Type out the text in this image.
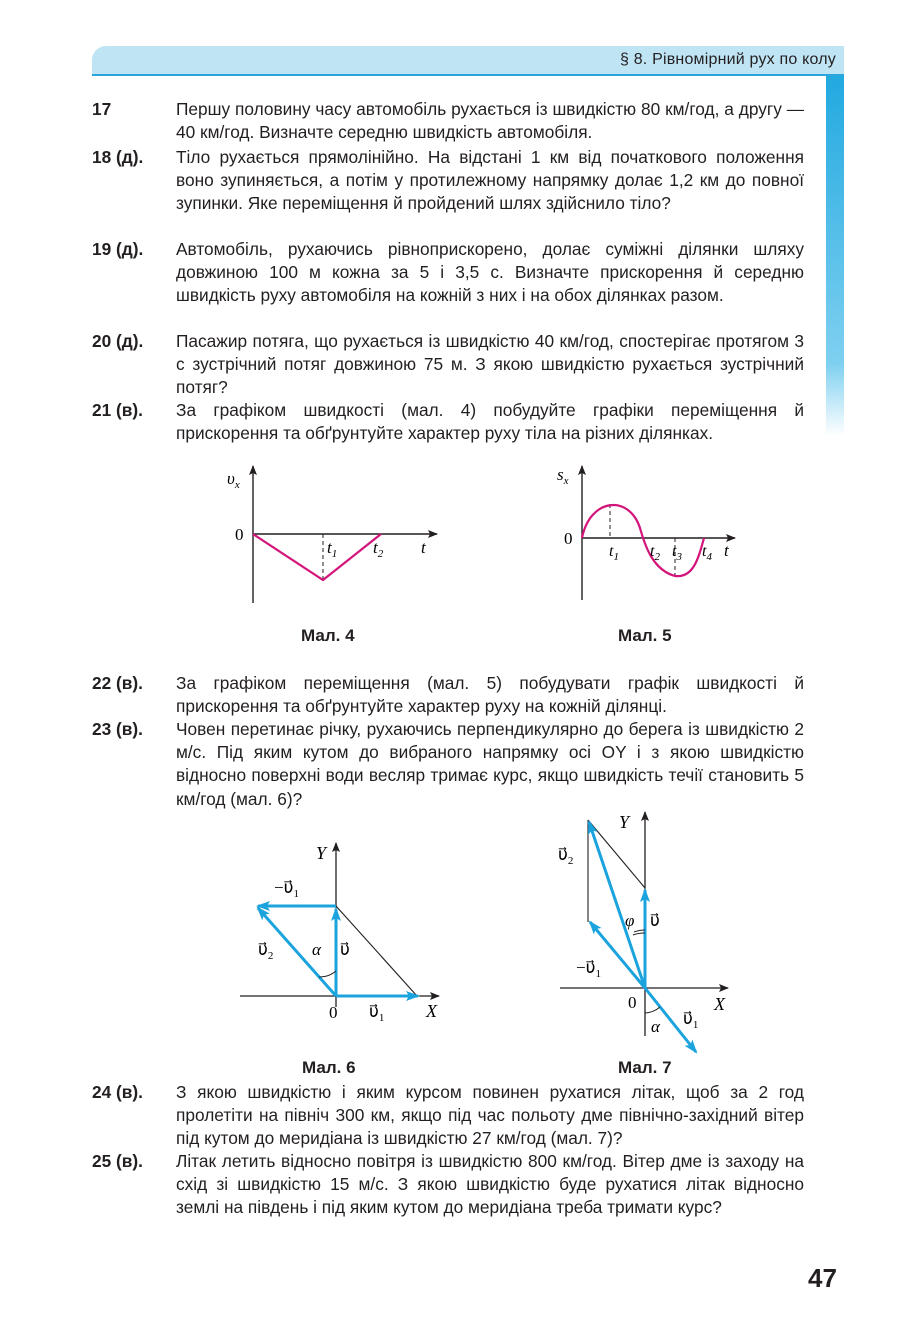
§ 8. Рівномірний рух по колу
17	Першу половину часу автомобіль рухається із швидкістю 80 км/год, а другу — 40 км/год. Визначте середню швидкість автомобіля.
18 (д). Тіло рухається прямолінійно. На відстані 1 км від початкового положення воно зупиняється, а потім у протилежному напрямку долає 1,2 км до повної зупинки. Яке переміщення й пройдений шлях здійснило тіло?
19 (д). Автомобіль, рухаючись рівноприскорено, долає суміжні ділянки шляху довжиною 100 м кожна за 5 і 3,5 с. Визначте прискорення й середню швидкість руху автомобіля на кожній з них і на обох ділянках разом.
20 (д). Пасажир потяга, що рухається із швидкістю 40 км/год, спостерігає протягом 3 с зустрічний потяг довжиною 75 м. З якою швидкістю рухається зустрічний потяг?
21 (в). За графіком швидкості (мал. 4) побудуйте графіки переміщення й прискорення та обґрунтуйте характер руху тіла на різних ділянках.
$\upsilon_x$
0
$t_1$ $t_2$ t
Мал. 4
$s_x$
0
$t_1$ $t_2$ $t_3$ $t_4$ t
Мал. 5
22 (в). За графіком переміщення (мал. 5) побудувати графік швидкості й прискорення та обґрунтуйте характер руху на кожній ділянці.
23 (в). Човен перетинає річку, рухаючись перпендикулярно до берега із швидкістю 2 м/с. Під яким кутом до вибраного напрямку осі OY і з якою швидкістю відносно поверхні води весляр тримає курс, якщо швидкість течії становить 5 км/год (мал. 6)?
Y
X
0
$-\upsilon⃗_1$
$\upsilon⃗_2$ α υ⃗
$\upsilon⃗_1$
Мал. 6
Y
X
0
$\upsilon⃗_2$
φ υ⃗
$-\upsilon⃗_1$
α $\upsilon⃗_1$
Мал. 7
24 (в). З якою швидкістю і яким курсом повинен рухатися літак, щоб за 2 год пролетіти на північ 300 км, якщо під час польоту дме північно-західний вітер під кутом до меридіана із швидкістю 27 км/год (мал. 7)?
25 (в). Літак летить відносно повітря із швидкістю 800 км/год. Вітер дме із заходу на схід зі швидкістю 15 м/с. З якою швидкістю буде рухатися літак відносно землі на південь і під яким кутом до меридіана треба тримати курс?
47
